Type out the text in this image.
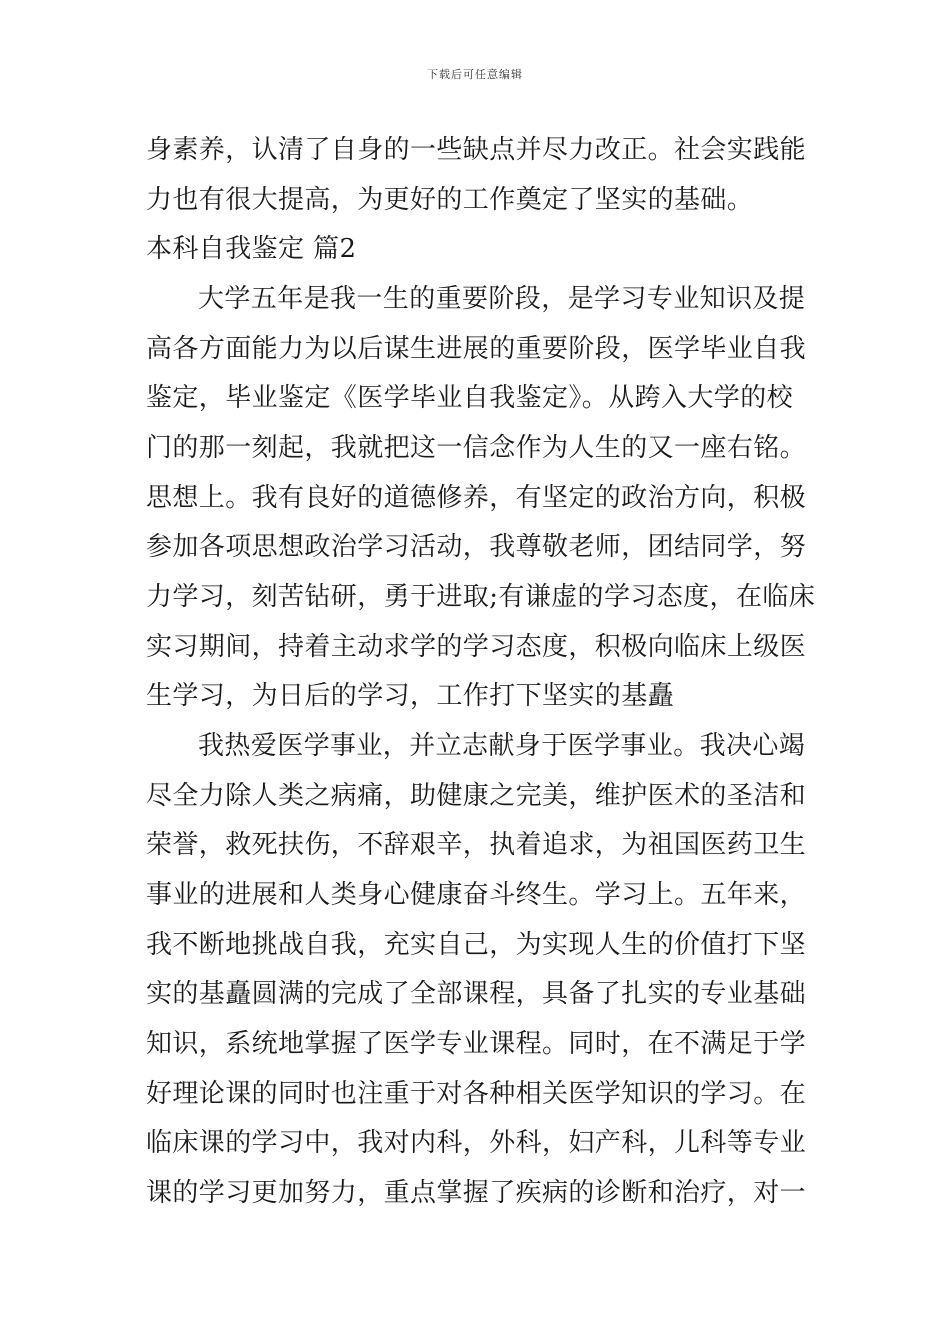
下载后可任意编辑
身素养，认清了自身的一些缺点并尽力改正。社会实践能
力也有很大提高，为更好的工作奠定了坚实的基础。
本科自我鉴定 篇2
大学五年是我一生的重要阶段，是学习专业知识及提
高各方面能力为以后谋生进展的重要阶段，医学毕业自我
鉴定，毕业鉴定《医学毕业自我鉴定》。从跨入大学的校
门的那一刻起，我就把这一信念作为人生的又一座右铭。
思想上。我有良好的道德修养，有坚定的政治方向，积极
参加各项思想政治学习活动，我尊敬老师，团结同学，努
力学习，刻苦钻研，勇于进取;有谦虚的学习态度，在临床
实习期间，持着主动求学的学习态度，积极向临床上级医
生学习，为日后的学习，工作打下坚实的基矗
我热爱医学事业，并立志献身于医学事业。我决心竭
尽全力除人类之病痛，助健康之完美，维护医术的圣洁和
荣誉，救死扶伤，不辞艰辛，执着追求，为祖国医药卫生
事业的进展和人类身心健康奋斗终生。学习上。五年来，
我不断地挑战自我，充实自己，为实现人生的价值打下坚
实的基矗圆满的完成了全部课程，具备了扎实的专业基础
知识，系统地掌握了医学专业课程。同时，在不满足于学
好理论课的同时也注重于对各种相关医学知识的学习。在
临床课的学习中，我对内科，外科，妇产科，儿科等专业
课的学习更加努力，重点掌握了疾病的诊断和治疗，对一
